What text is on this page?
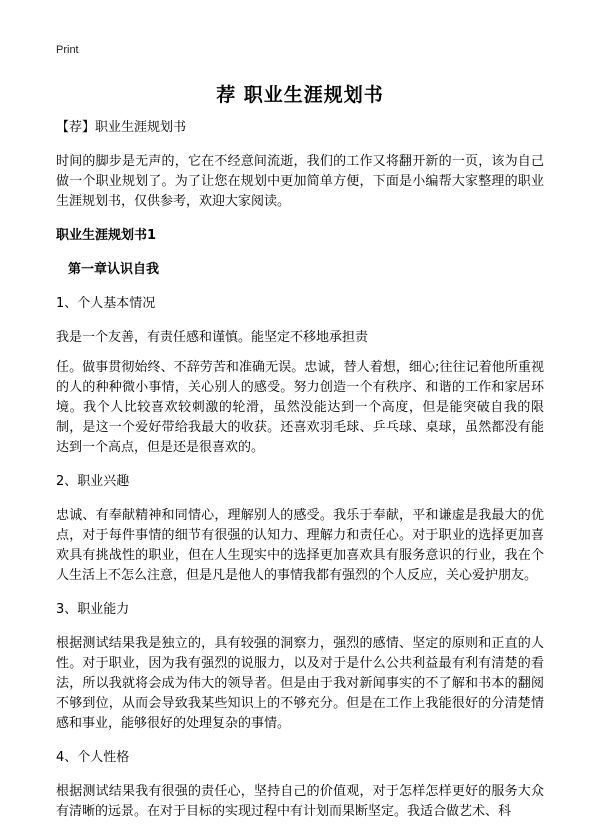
Print
荐 职业生涯规划书
【荐】职业生涯规划书
时间的脚步是无声的，它在不经意间流逝，我们的工作又将翻开新的一页，该为自己做一个职业规划了。为了让您在规划中更加简单方便，下面是小编帮大家整理的职业生涯规划书，仅供参考，欢迎大家阅读。
职业生涯规划书1
第一章认识自我
1、个人基本情况
我是一个友善，有责任感和谨慎。能坚定不移地承担责
任。做事贯彻始终、不辞劳苦和准确无误。忠诚，替人着想，细心;往往记着他所重视的人的种种微小事情，关心别人的感受。努力创造一个有秩序、和谐的工作和家居环境。我个人比较喜欢较刺激的轮滑，虽然没能达到一个高度，但是能突破自我的限制，是这一个爱好带给我最大的收获。还喜欢羽毛球、乒乓球、桌球，虽然都没有能达到一个高点，但是还是很喜欢的。
2、职业兴趣
忠诚、有奉献精神和同情心，理解别人的感受。我乐于奉献，平和谦虚是我最大的优点，对于每件事情的细节有很强的认知力、理解力和责任心。对于职业的选择更加喜欢具有挑战性的职业，但在人生现实中的选择更加喜欢具有服务意识的行业，我在个人生活上不怎么注意，但是凡是他人的事情我都有强烈的个人反应，关心爱护朋友。
3、职业能力
根据测试结果我是独立的，具有较强的洞察力，强烈的感情、坚定的原则和正直的人性。对于职业，因为我有强烈的说服力，以及对于是什么公共利益最有利有清楚的看法，所以我就将会成为伟大的领导者。但是由于我对新闻事实的不了解和书本的翻阅不够到位，从而会导致我某些知识上的不够充分。但是在工作上我能很好的分清楚情感和事业，能够很好的处理复杂的事情。
4、个人性格
根据测试结果我有很强的责任心，坚持自己的价值观，对于怎样怎样更好的服务大众有清晰的远景。在对于目标的实现过程中有计划而果断坚定。我适合做艺术、科
